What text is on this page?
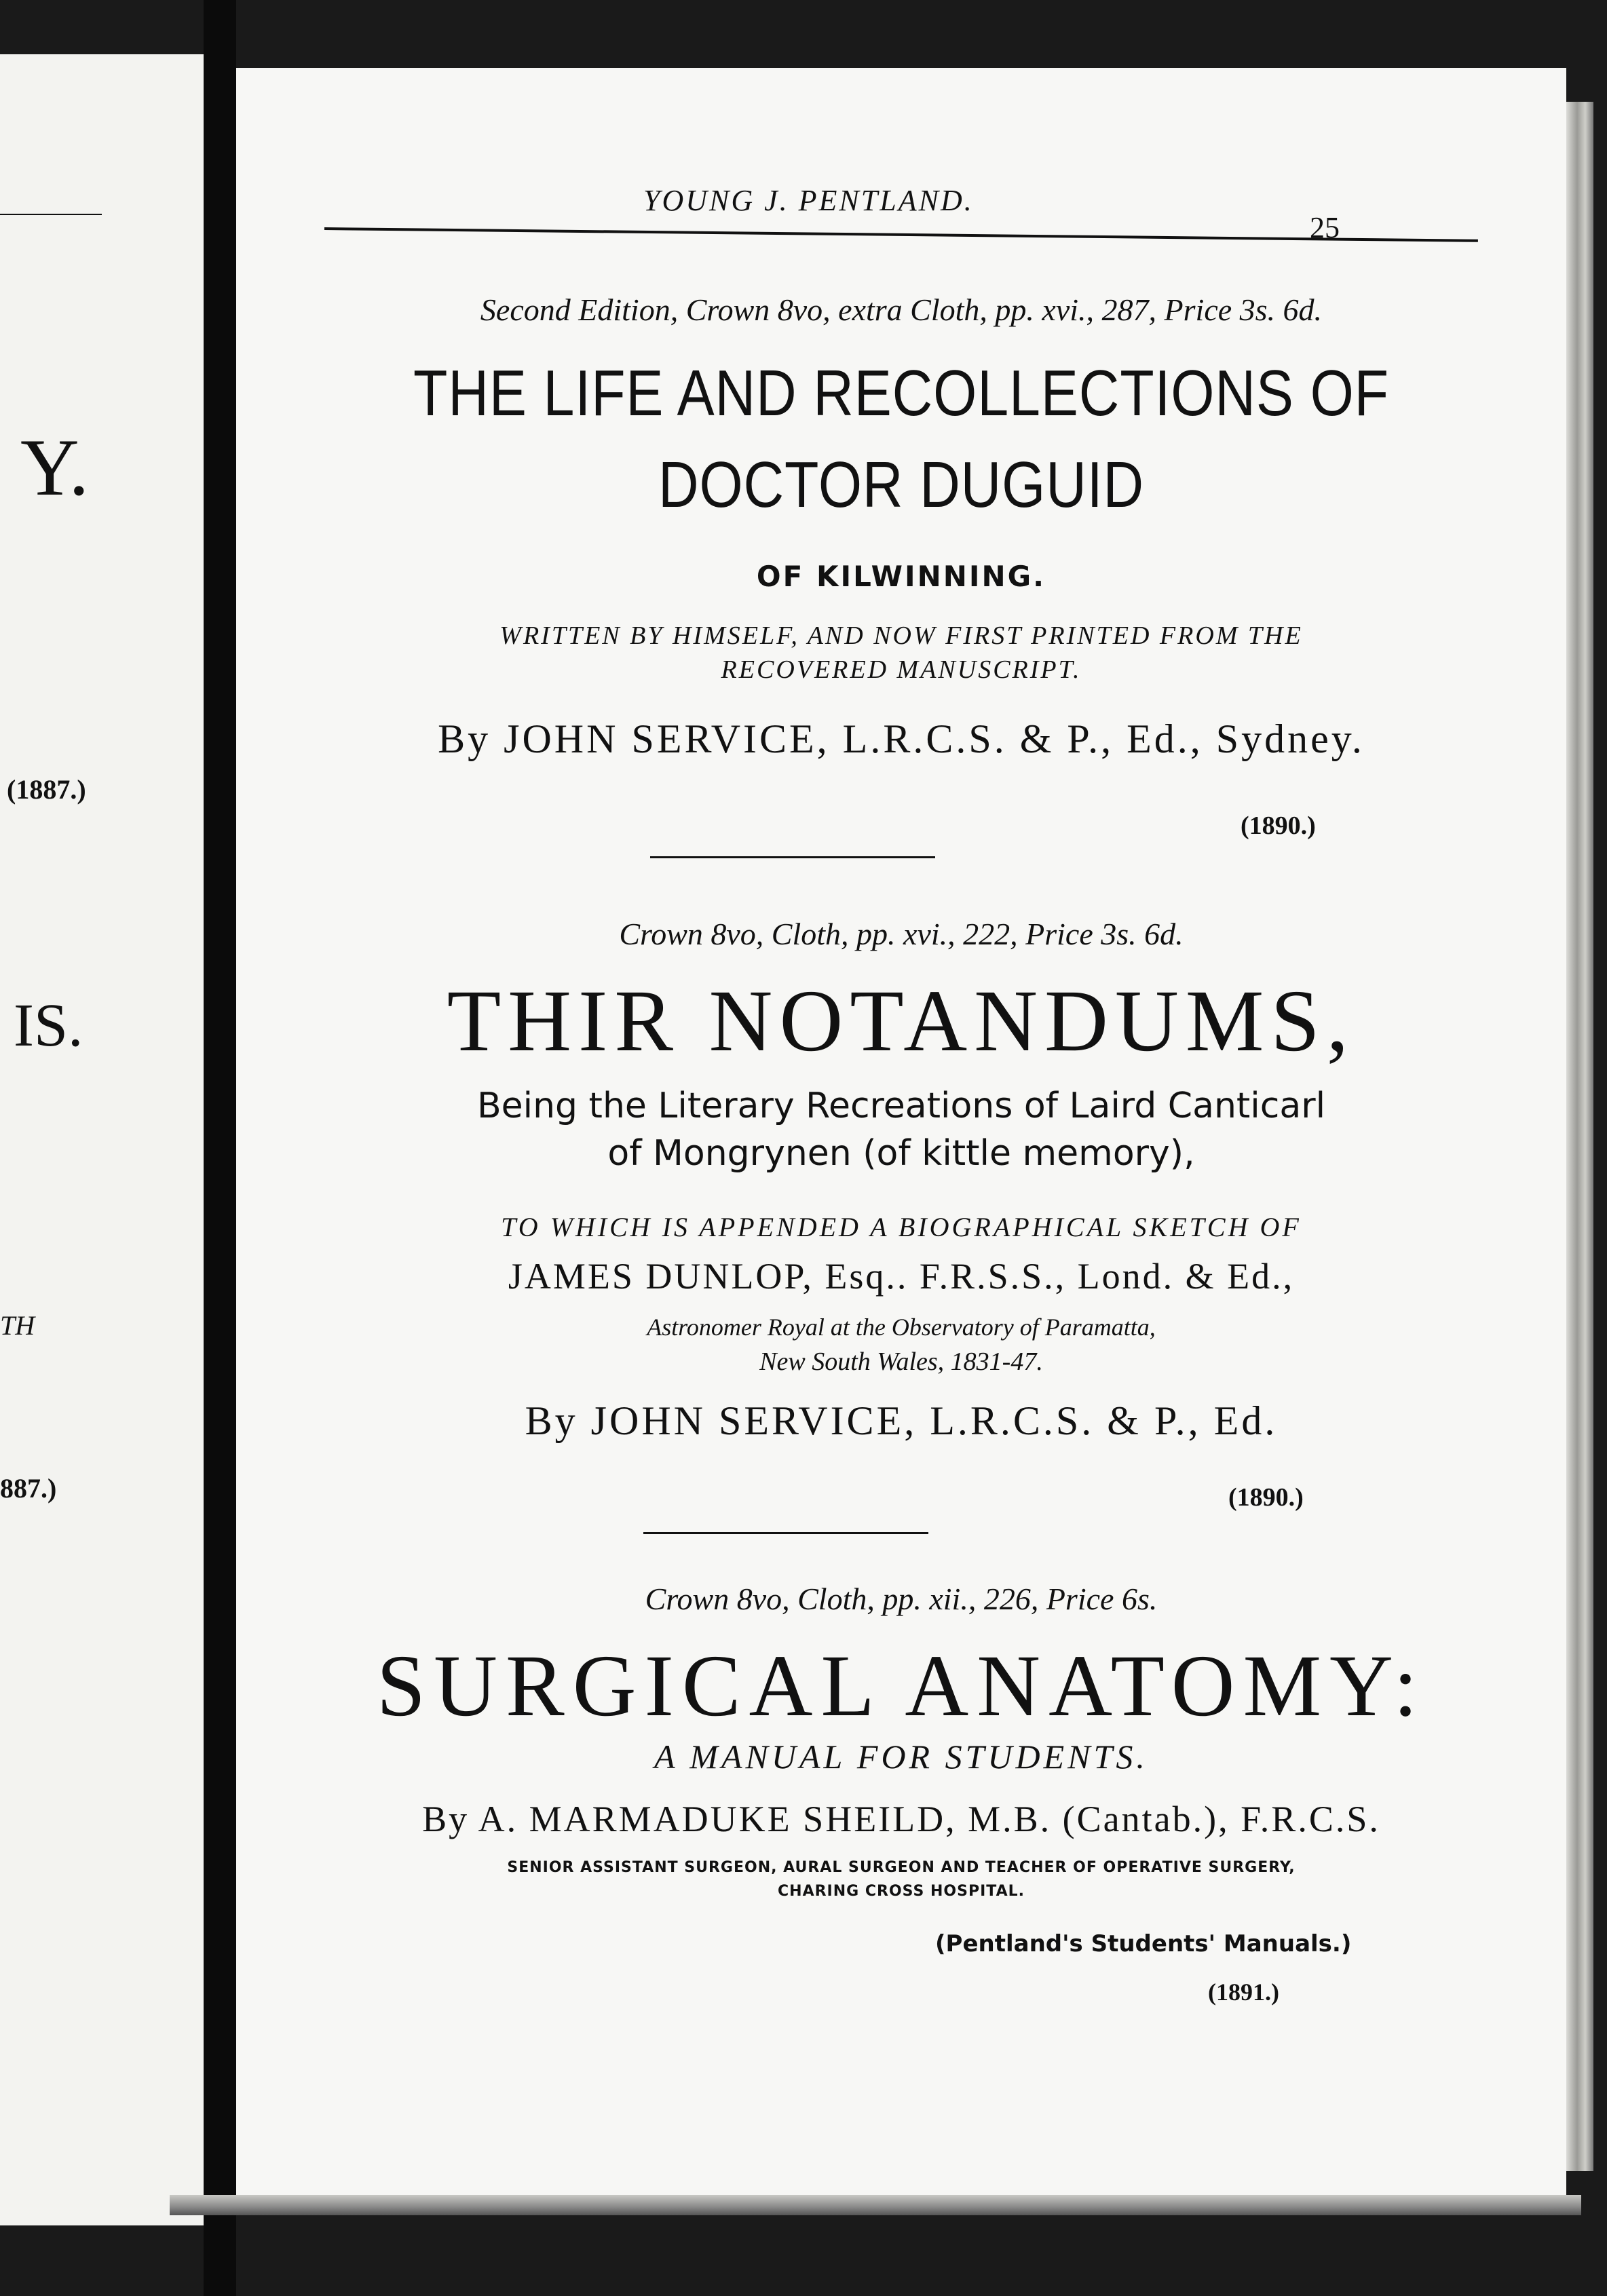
Y.
(1887.)
IS.
TH
887.)
YOUNG J. PENTLAND.
25
Second Edition, Crown 8vo, extra Cloth, pp. xvi., 287, Price 3s. 6d.
THE LIFE AND RECOLLECTIONS OF
DOCTOR DUGUID
OF KILWINNING.
WRITTEN BY HIMSELF, AND NOW FIRST PRINTED FROM THE
RECOVERED MANUSCRIPT.
By JOHN SERVICE, L.R.C.S. & P., Ed., Sydney.
(1890.)
Crown 8vo, Cloth, pp. xvi., 222, Price 3s. 6d.
THIR NOTANDUMS,
Being the Literary Recreations of Laird Canticarl
of Mongrynen (of kittle memory),
TO WHICH IS APPENDED A BIOGRAPHICAL SKETCH OF
JAMES DUNLOP, Esq.. F.R.S.S., Lond. & Ed.,
Astronomer Royal at the Observatory of Paramatta,
New South Wales, 1831-47.
By JOHN SERVICE, L.R.C.S. & P., Ed.
(1890.)
Crown 8vo, Cloth, pp. xii., 226, Price 6s.
SURGICAL ANATOMY:
A MANUAL FOR STUDENTS.
By A. MARMADUKE SHEILD, M.B. (Cantab.), F.R.C.S.
SENIOR ASSISTANT SURGEON, AURAL SURGEON AND TEACHER OF OPERATIVE SURGERY,
CHARING CROSS HOSPITAL.
(Pentland's Students' Manuals.)
(1891.)
